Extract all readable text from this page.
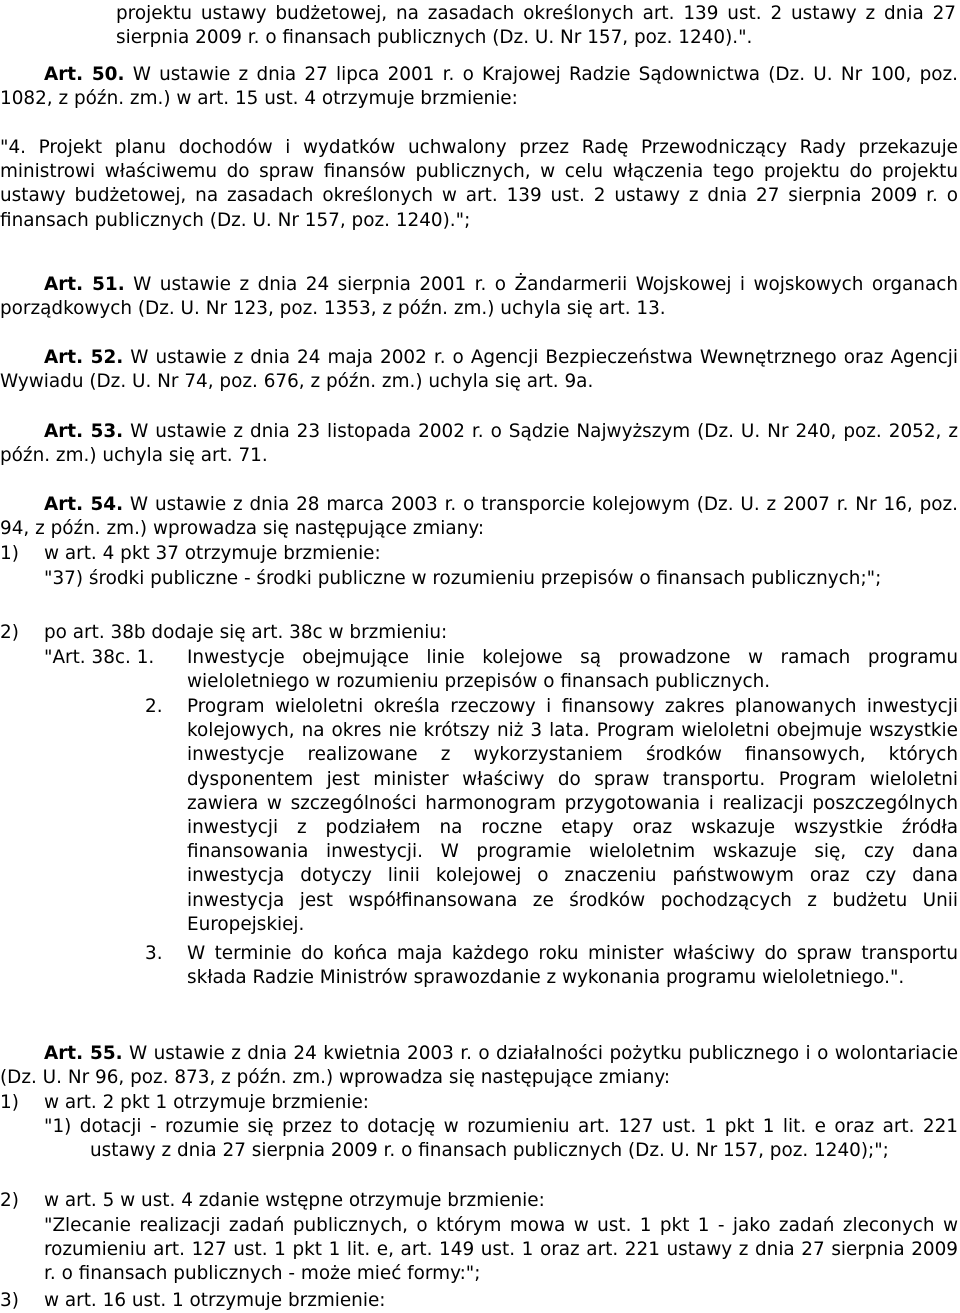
projektu ustawy budżetowej, na zasadach określonych art. 139 ust. 2 ustawy z dnia 27 sierpnia 2009 r. o finansach publicznych (Dz. U. Nr 157, poz. 1240).".
Art. 50. W ustawie z dnia 27 lipca 2001 r. o Krajowej Radzie Sądownictwa (Dz. U. Nr 100, poz. 1082, z późn. zm.) w art. 15 ust. 4 otrzymuje brzmienie:
"4. Projekt planu dochodów i wydatków uchwalony przez Radę Przewodniczący Rady przekazuje ministrowi właściwemu do spraw finansów publicznych, w celu włączenia tego projektu do projektu ustawy budżetowej, na zasadach określonych w art. 139 ust. 2 ustawy z dnia 27 sierpnia 2009 r. o finansach publicznych (Dz. U. Nr 157, poz. 1240).";
Art. 51. W ustawie z dnia 24 sierpnia 2001 r. o Żandarmerii Wojskowej i wojskowych organach porządkowych (Dz. U. Nr 123, poz. 1353, z późn. zm.) uchyla się art. 13.
Art. 52. W ustawie z dnia 24 maja 2002 r. o Agencji Bezpieczeństwa Wewnętrznego oraz Agencji Wywiadu (Dz. U. Nr 74, poz. 676, z późn. zm.) uchyla się art. 9a.
Art. 53. W ustawie z dnia 23 listopada 2002 r. o Sądzie Najwyższym (Dz. U. Nr 240, poz. 2052, z późn. zm.) uchyla się art. 71.
Art. 54. W ustawie z dnia 28 marca 2003 r. o transporcie kolejowym (Dz. U. z 2007 r. Nr 16, poz. 94, z późn. zm.) wprowadza się następujące zmiany:
1) w art. 4 pkt 37 otrzymuje brzmienie:
"37) środki publiczne - środki publiczne w rozumieniu przepisów o finansach publicznych;";
2) po art. 38b dodaje się art. 38c w brzmieniu:
"Art. 38c. 1. Inwestycje obejmujące linie kolejowe są prowadzone w ramach programu wieloletniego w rozumieniu przepisów o finansach publicznych.
2. Program wieloletni określa rzeczowy i finansowy zakres planowanych inwestycji kolejowych, na okres nie krótszy niż 3 lata. Program wieloletni obejmuje wszystkie inwestycje realizowane z wykorzystaniem środków finansowych, których dysponentem jest minister właściwy do spraw transportu. Program wieloletni zawiera w szczególności harmonogram przygotowania i realizacji poszczególnych inwestycji z podziałem na roczne etapy oraz wskazuje wszystkie źródła finansowania inwestycji. W programie wieloletnim wskazuje się, czy dana inwestycja dotyczy linii kolejowej o znaczeniu państwowym oraz czy dana inwestycja jest współfinansowana ze środków pochodzących z budżetu Unii Europejskiej.
3. W terminie do końca maja każdego roku minister właściwy do spraw transportu składa Radzie Ministrów sprawozdanie z wykonania programu wieloletniego.".
Art. 55. W ustawie z dnia 24 kwietnia 2003 r. o działalności pożytku publicznego i o wolontariacie (Dz. U. Nr 96, poz. 873, z późn. zm.) wprowadza się następujące zmiany:
1) w art. 2 pkt 1 otrzymuje brzmienie:
"1) dotacji - rozumie się przez to dotację w rozumieniu art. 127 ust. 1 pkt 1 lit. e oraz art. 221 ustawy z dnia 27 sierpnia 2009 r. o finansach publicznych (Dz. U. Nr 157, poz. 1240);";
2) w art. 5 w ust. 4 zdanie wstępne otrzymuje brzmienie:
"Zlecanie realizacji zadań publicznych, o którym mowa w ust. 1 pkt 1 - jako zadań zleconych w rozumieniu art. 127 ust. 1 pkt 1 lit. e, art. 149 ust. 1 oraz art. 221 ustawy z dnia 27 sierpnia 2009 r. o finansach publicznych - może mieć formy:";
3) w art. 16 ust. 1 otrzymuje brzmienie:
